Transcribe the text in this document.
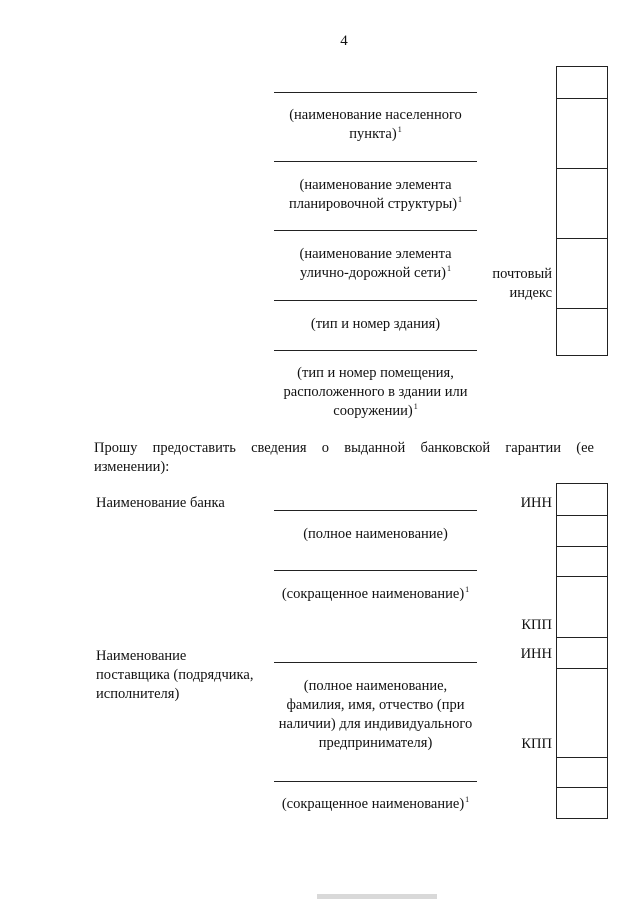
4
(наименование населенного
пункта)$^1$
(наименование элемента
планировочной структуры)$^1$
(наименование элемента
улично-дорожной сети)$^1$
(тип и номер здания)
(тип и номер помещения,
расположенного в здании или
сооружении)$^1$
почтовый
индекс
Прошу предоставить сведения о выданной банковской гарантии (ее
изменении):
Наименование банка
(полное наименование)
(сокращенное наименование)$^1$
ИНН
КПП
Наименование
поставщика (подрядчика,
исполнителя)
(полное наименование,
фамилия, имя, отчество (при
наличии) для индивидуального
предпринимателя)
(сокращенное наименование)$^1$
ИНН
КПП
